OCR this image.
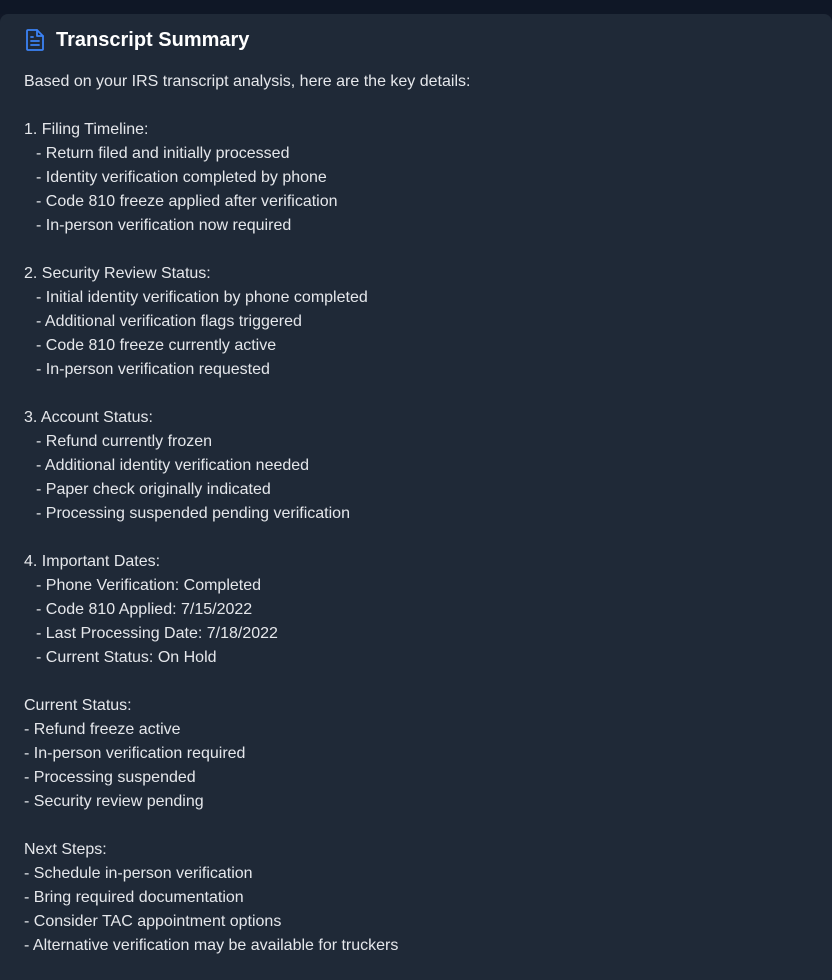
Transcript Summary
Based on your IRS transcript analysis, here are the key details:
1. Filing Timeline:
- Return filed and initially processed
- Identity verification completed by phone
- Code 810 freeze applied after verification
- In-person verification now required
2. Security Review Status:
- Initial identity verification by phone completed
- Additional verification flags triggered
- Code 810 freeze currently active
- In-person verification requested
3. Account Status:
- Refund currently frozen
- Additional identity verification needed
- Paper check originally indicated
- Processing suspended pending verification
4. Important Dates:
- Phone Verification: Completed
- Code 810 Applied: 7/15/2022
- Last Processing Date: 7/18/2022
- Current Status: On Hold
Current Status:
- Refund freeze active
- In-person verification required
- Processing suspended
- Security review pending
Next Steps:
- Schedule in-person verification
- Bring required documentation
- Consider TAC appointment options
- Alternative verification may be available for truckers
